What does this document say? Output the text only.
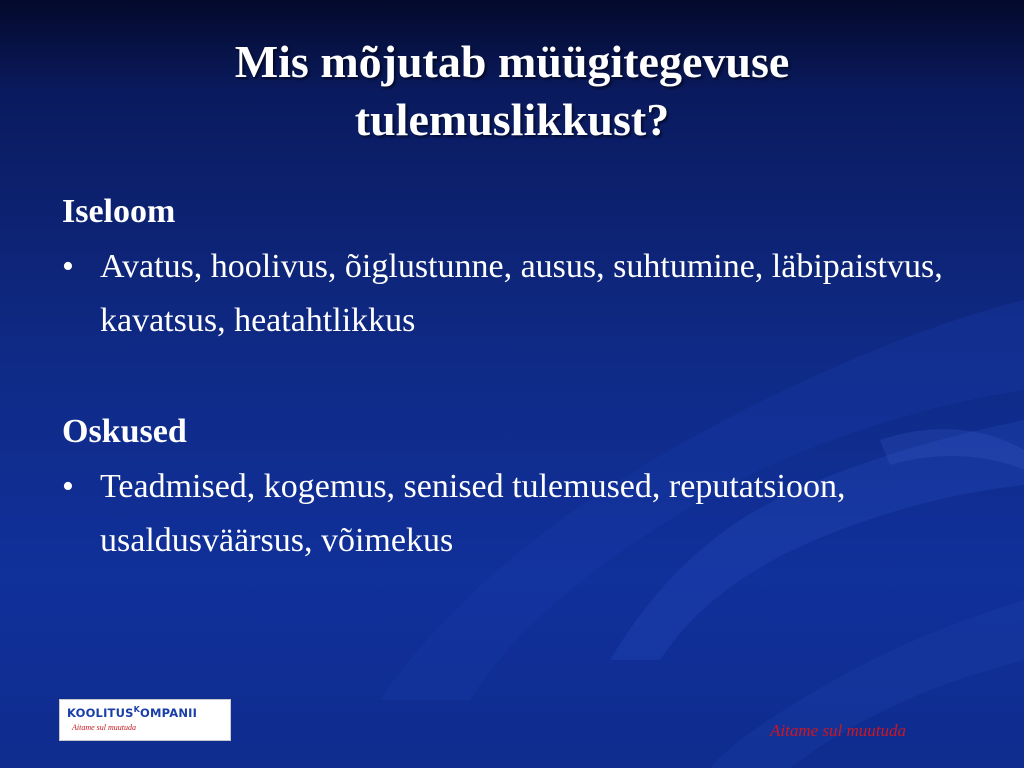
Mis mõjutab müügitegevuse
tulemuslikkust?
Iseloom
• Avatus, hoolivus, õiglustunne, ausus, suhtumine, läbipaistvus, kavatsus, heatahtlikkus
Oskused
• Teadmised, kogemus, senised tulemused, reputatsioon, usaldusväärsus, võimekus
$KOOLITUS^KOMPANII$
Aitame sul muutuda	Aitame sul muutuda
